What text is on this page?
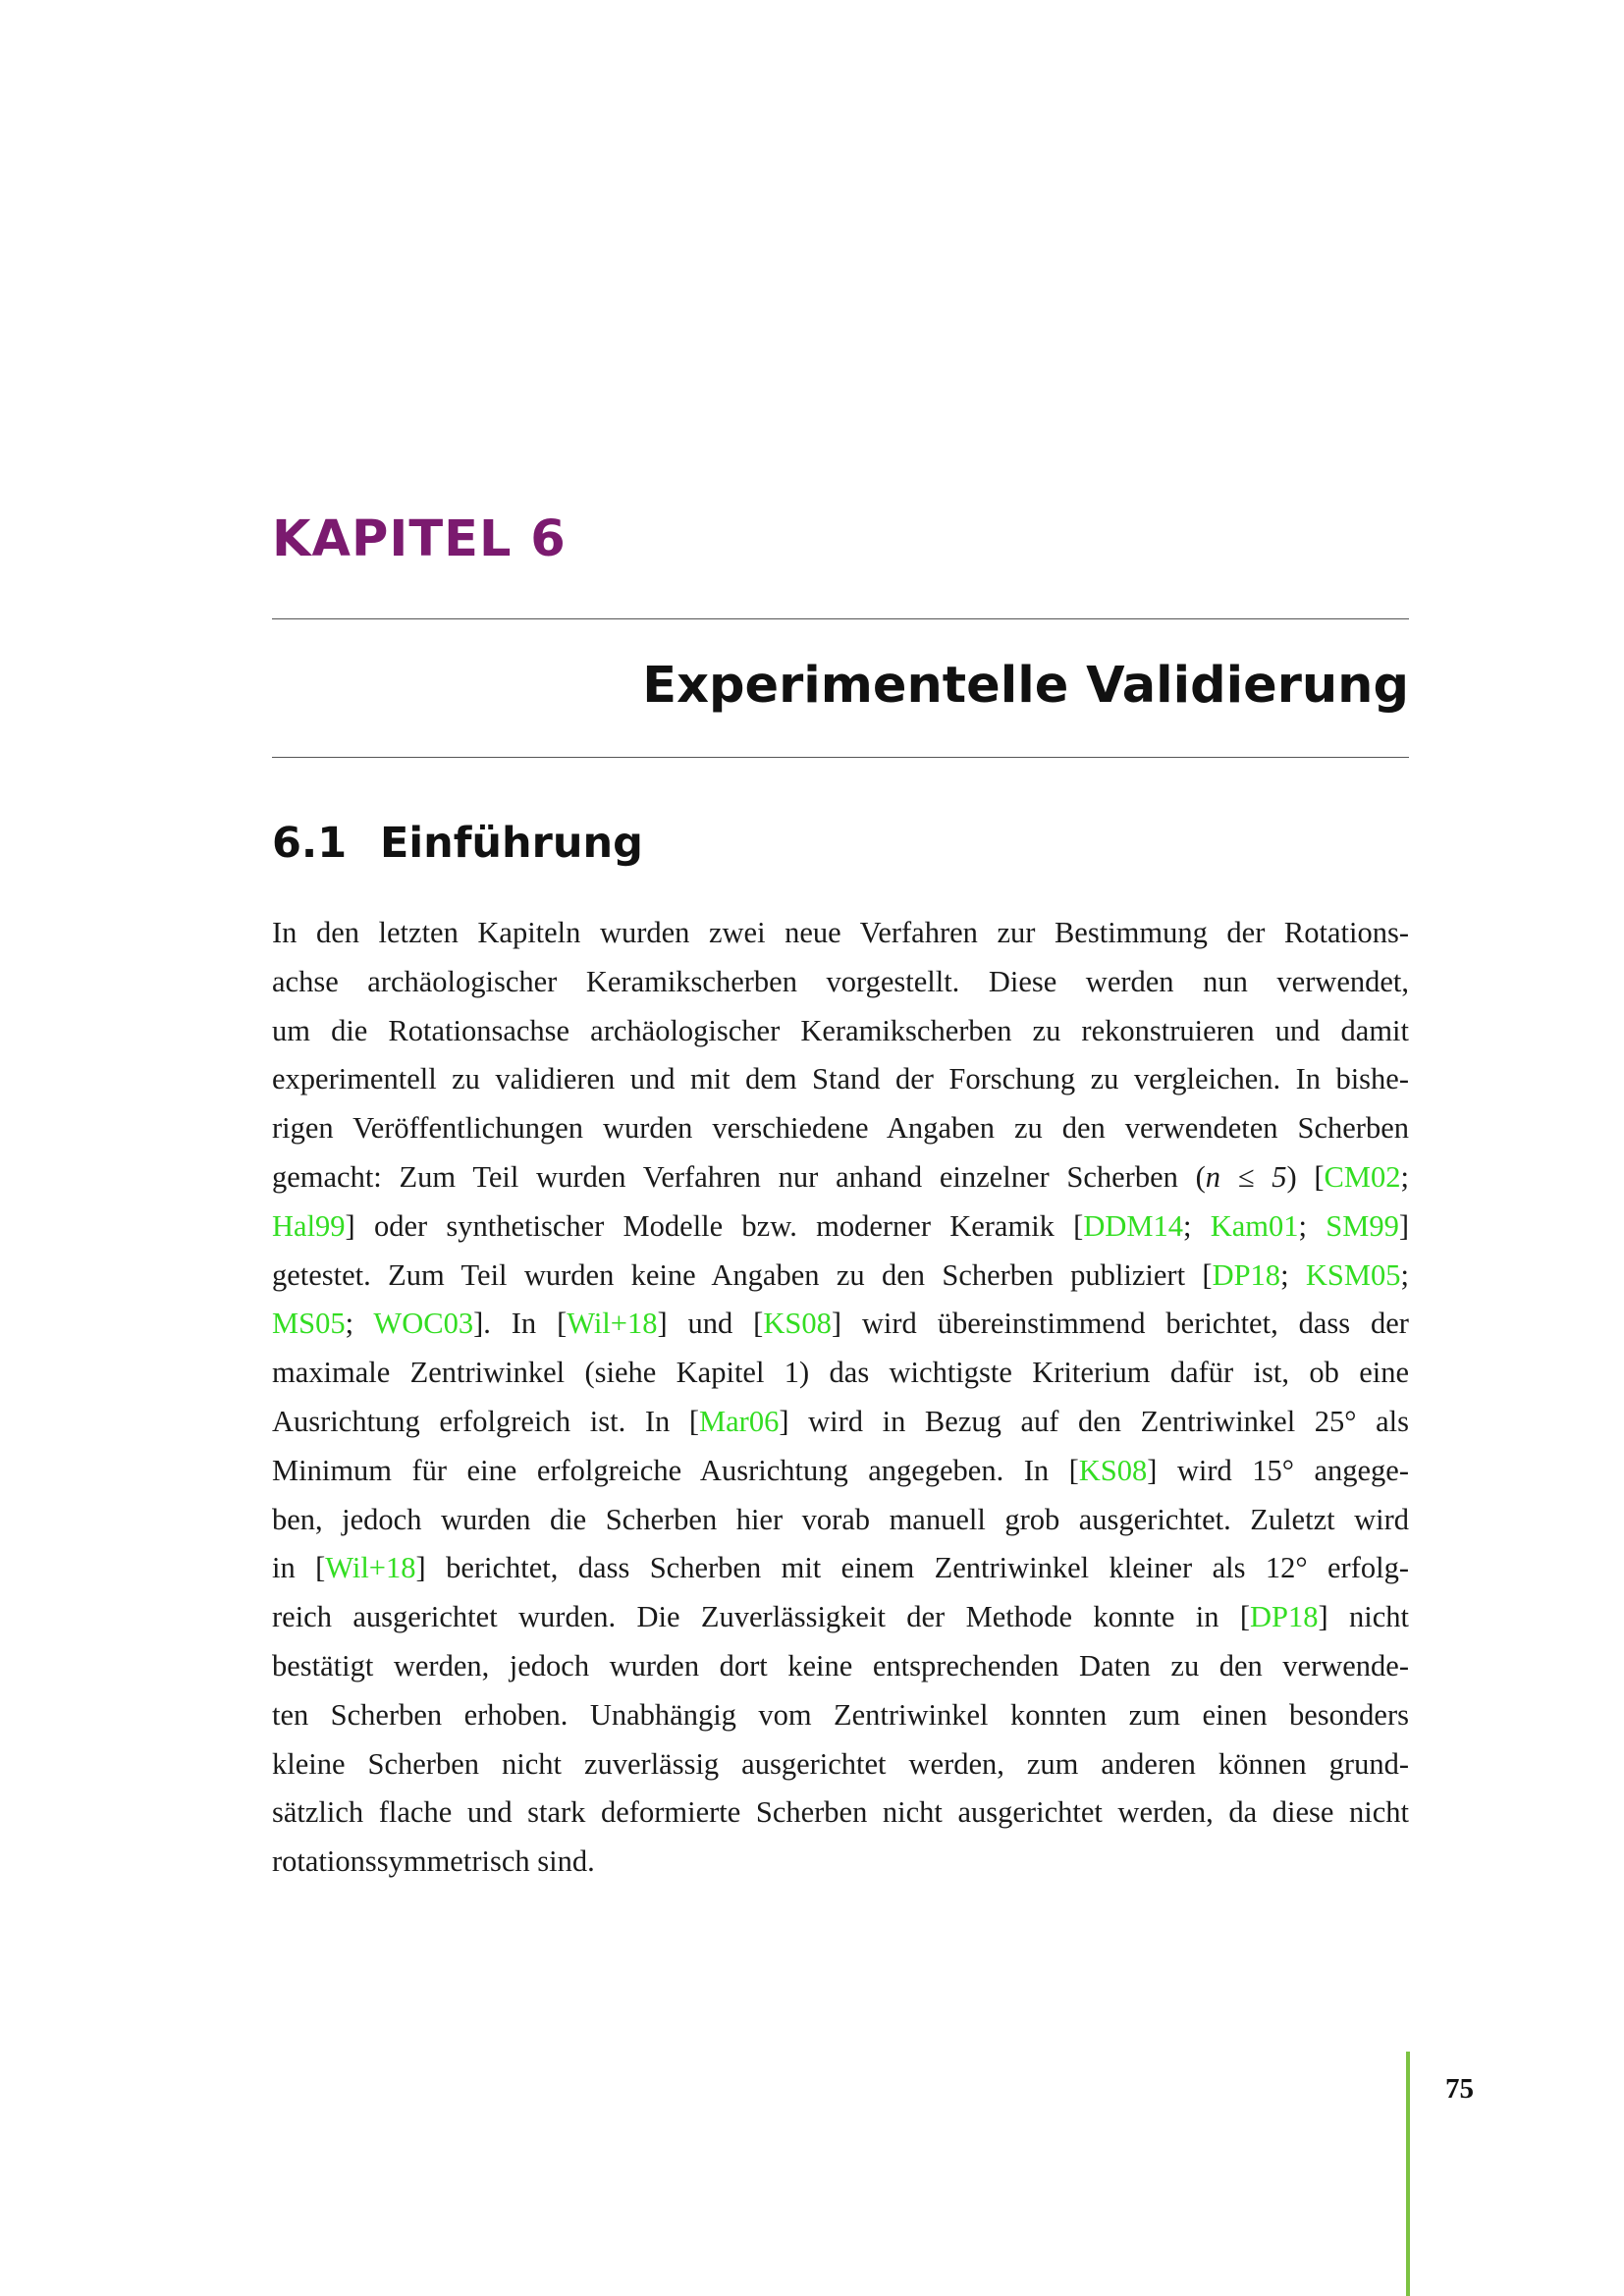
KAPITEL 6
Experimentelle Validierung
6.1 Einführung
In den letzten Kapiteln wurden zwei neue Verfahren zur Bestimmung der Rotations-
achse archäologischer Keramikscherben vorgestellt. Diese werden nun verwendet,
um die Rotationsachse archäologischer Keramikscherben zu rekonstruieren und damit
experimentell zu validieren und mit dem Stand der Forschung zu vergleichen. In bishe-
rigen Veröffentlichungen wurden verschiedene Angaben zu den verwendeten Scherben
gemacht: Zum Teil wurden Verfahren nur anhand einzelner Scherben (n ≤ 5) [CM02;
Hal99] oder synthetischer Modelle bzw. moderner Keramik [DDM14; Kam01; SM99]
getestet. Zum Teil wurden keine Angaben zu den Scherben publiziert [DP18; KSM05;
MS05; WOC03]. In [Wil+18] und [KS08] wird übereinstimmend berichtet, dass der
maximale Zentriwinkel (siehe Kapitel 1) das wichtigste Kriterium dafür ist, ob eine
Ausrichtung erfolgreich ist. In [Mar06] wird in Bezug auf den Zentriwinkel 25° als
Minimum für eine erfolgreiche Ausrichtung angegeben. In [KS08] wird 15° angege-
ben, jedoch wurden die Scherben hier vorab manuell grob ausgerichtet. Zuletzt wird
in [Wil+18] berichtet, dass Scherben mit einem Zentriwinkel kleiner als 12° erfolg-
reich ausgerichtet wurden. Die Zuverlässigkeit der Methode konnte in [DP18] nicht
bestätigt werden, jedoch wurden dort keine entsprechenden Daten zu den verwende-
ten Scherben erhoben. Unabhängig vom Zentriwinkel konnten zum einen besonders
kleine Scherben nicht zuverlässig ausgerichtet werden, zum anderen können grund-
sätzlich flache und stark deformierte Scherben nicht ausgerichtet werden, da diese nicht
rotationssymmetrisch sind.
75
